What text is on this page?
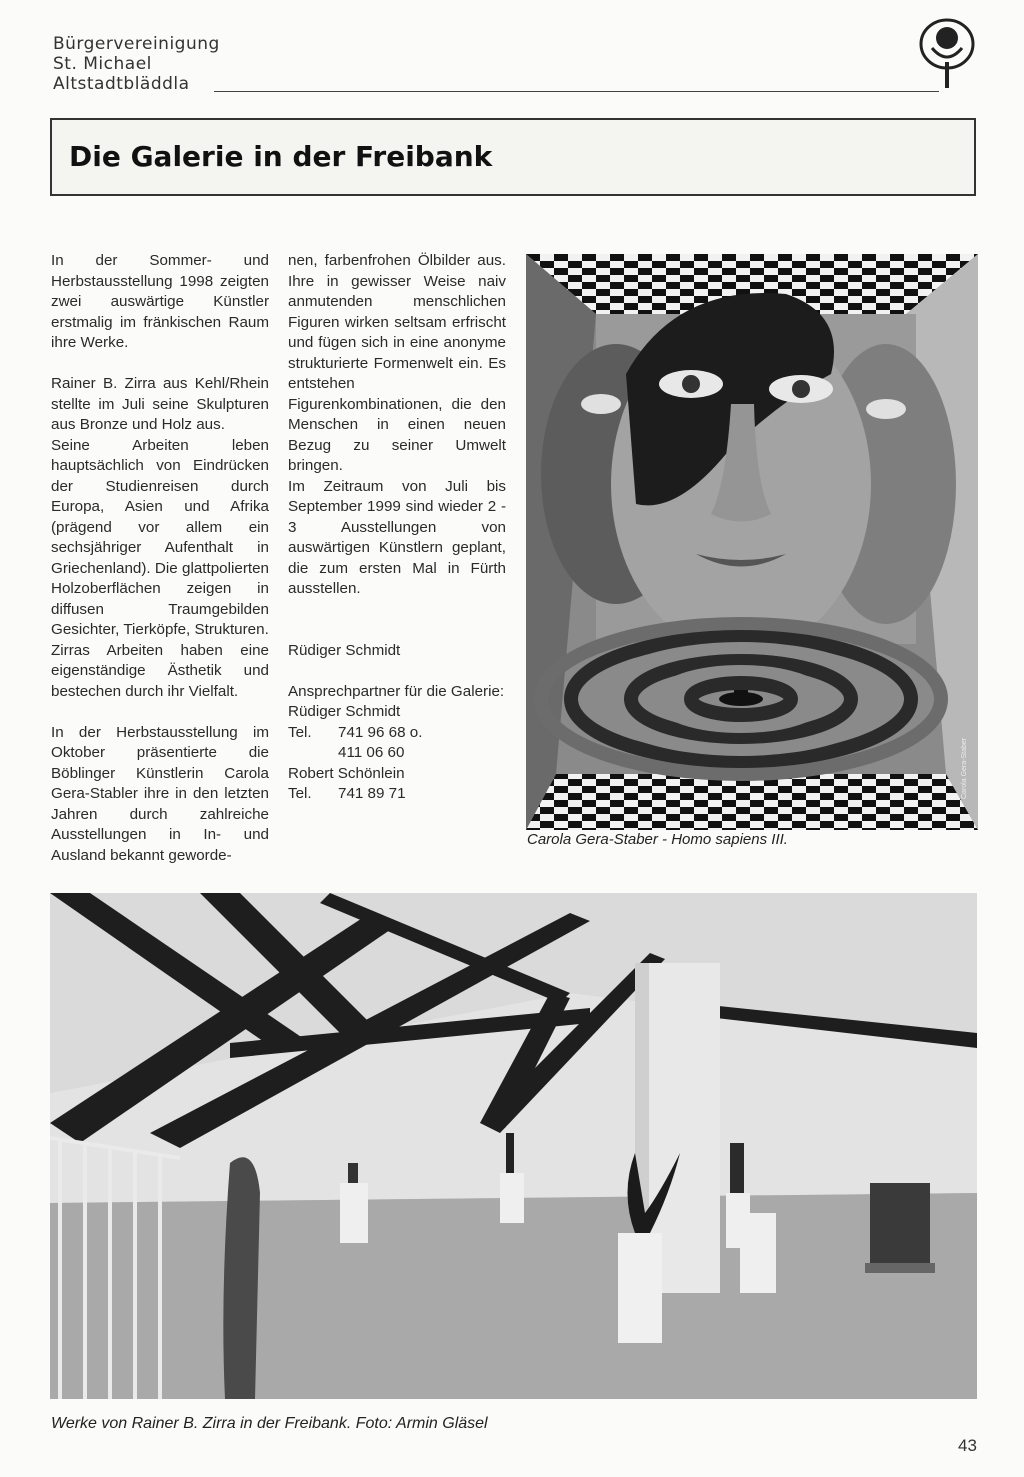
Bürgervereinigung
St. Michael
Altstadtbläddla
Die Galerie in der Freibank

In der Sommer- und Herbstausstellung 1998 zeigten zwei auswärtige Künstler erstmalig im fränkischen Raum ihre Werke.

Rainer B. Zirra aus Kehl/Rhein stellte im Juli seine Skulpturen aus Bronze und Holz aus.

Seine Arbeiten leben hauptsächlich von Eindrücken der Studienreisen durch Europa, Asien und Afrika (prägend vor allem ein sechsjähriger Aufenthalt in Griechenland). Die glattpolierten Holzoberflächen zeigen in diffusen Traumgebilden Gesichter, Tierköpfe, Strukturen.

Zirras Arbeiten haben eine eigenständige Ästhetik und bestechen durch ihr Vielfalt.

In der Herbstausstellung im Oktober präsentierte die Böblinger Künstlerin Carola Gera-Stabler ihre in den letzten Jahren durch zahlreiche Ausstellungen in In- und Ausland bekannt geworde-

nen, farbenfrohen Ölbilder aus. Ihre in gewisser Weise naiv anmutenden menschlichen Figuren wirken seltsam erfrischt und fügen sich in eine anonyme strukturierte Formenwelt ein. Es entstehen Figurenkombinationen, die den Menschen in einen neuen Bezug zu seiner Umwelt bringen.

Im Zeitraum von Juli bis September 1999 sind wieder 2 - 3 Ausstellungen von auswärtigen Künstlern geplant, die zum ersten Mal in Fürth ausstellen.

Rüdiger Schmidt

Ansprechpartner für die Galerie:

Rüdiger Schmidt

Tel.	741 96 68 o.
411 06 60

Robert Schönlein

Tel.	741 89 71	Carola Gera-Staber
Carola Gera-Staber - Homo sapiens III.
Werke von Rainer B. Zirra in der Freibank. Foto: Armin Gläsel
43
